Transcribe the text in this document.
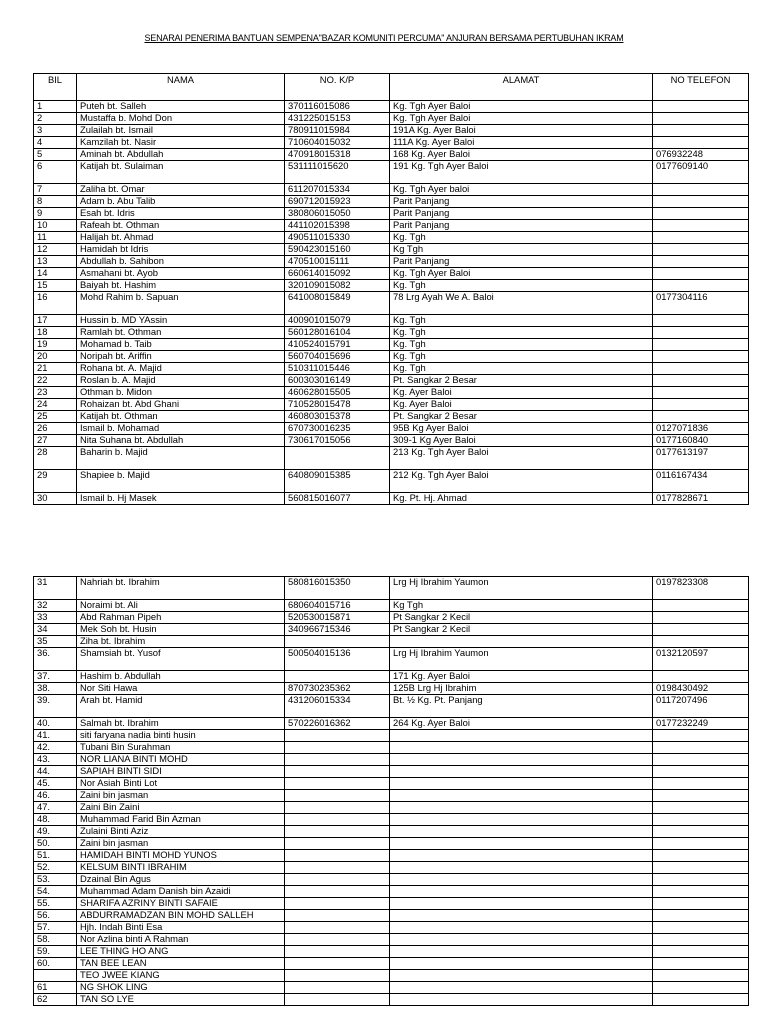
SENARAI PENERIMA BANTUAN SEMPENA"BAZAR KOMUNITI PERCUMA" ANJURAN BERSAMA PERTUBUHAN IKRAM
BIL	NAMA	NO. K/P	ALAMAT	NO TELEFON
1	Puteh bt. Salleh	370116015086	Kg. Tgh Ayer Baloi	
2	Mustaffa b. Mohd Don	431225015153	Kg. Tgh Ayer Baloi	
3	Zulailah bt. Ismail	780911015984	191A Kg. Ayer Baloi	
4	Kamzilah bt. Nasir	710604015032	111A Kg. Ayer Baloi	
5	Aminah bt. Abdullah	470918015318	168 Kg. Ayer Baloi	076932248
6	Katijah bt. Sulaiman	531111015620	191 Kg. Tgh Ayer Baloi	0177609140
7	Zaliha bt. Omar	611207015334	Kg. Tgh Ayer baloi	
8	Adam b. Abu Talib	690712015923	Parit Panjang	
9	Esah bt. Idris	380806015050	Parit Panjang	
10	Rafeah bt. Othman	441102015398	Parit Panjang	
11	Halijah bt. Ahmad	490511015330	Kg. Tgh	
12	Hamidah bt Idris	590423015160	Kg Tgh	
13	Abdullah b. Sahibon	470510015111	Parit Panjang	
14	Asmahani bt. Ayob	660614015092	Kg. Tgh Ayer Baloi	
15	Baiyah bt. Hashim	320109015082	Kg. Tgh	
16	Mohd Rahim b. Sapuan	641008015849	78 Lrg Ayah We A. Baloi	0177304116
17	Hussin b. MD YAssin	400901015079	Kg. Tgh	
18	Ramlah bt. Othman	560128016104	Kg. Tgh	
19	Mohamad b. Taib	410524015791	Kg. Tgh	
20	Noripah bt. Ariffin	560704015696	Kg. Tgh	
21	Rohana bt. A. Majid	510311015446	Kg. Tgh	
22	Roslan b. A. Majid	600303016149	Pt. Sangkar 2 Besar	
23	Othman b. Midon	460628015505	Kg. Ayer Baloi	
24	Rohaizan bt. Abd Ghani	710528015478	Kg. Ayer Baloi	
25	Katijah bt. Othman	460803015378	Pt. Sangkar 2 Besar	
26	Ismail b. Mohamad	670730016235	95B Kg Ayer Baloi	0127071836
27	Nita Suhana bt. Abdullah	730617015056	309-1 Kg Ayer Baloi	0177160840
28	Baharin b. Majid		213 Kg. Tgh Ayer Baloi	0177613197
29	Shapiee b. Majid	640809015385	212 Kg. Tgh Ayer Baloi	0116167434
30	Ismail b. Hj Masek	560815016077	Kg. Pt. Hj. Ahmad	0177828671
31	Nahriah bt. Ibrahim	580816015350	Lrg Hj Ibrahim Yaumon	0197823308
32	Noraimi bt. Ali	680604015716	Kg Tgh	
33	Abd Rahman Pipeh	520530015871	Pt Sangkar 2 Kecil	
34	Mek Soh bt. Husin	340966715346	Pt Sangkar 2 Kecil	
35	Ziha bt. Ibrahim			
36.	Shamsiah bt. Yusof	500504015136	Lrg Hj Ibrahim Yaumon	0132120597
37.	Hashim b. Abdullah		171 Kg. Ayer Baloi	
38.	Nor Siti Hawa	870730235362	125B Lrg Hj Ibrahim	0198430492
39.	Arah bt. Hamid	431206015334	Bt. ½ Kg. Pt. Panjang	0117207496
40.	Salmah bt. Ibrahim	570226016362	264 Kg. Ayer Baloi	0177232249
41.	siti faryana nadia binti husin			
42.	Tubani Bin Surahman			
43.	NOR LIANA BINTI MOHD			
44.	SAPIAH BINTI SIDI			
45.	Nor Asiah Binti Lot			
46.	Zaini bin jasman			
47.	Zaini Bin Zaini			
48.	Muhammad Farid Bin Azman			
49.	Zulaini Binti Aziz			
50.	Zaini bin jasman			
51.	HAMIDAH BINTI MOHD YUNOS			
52.	KELSUM BINTI IBRAHIM			
53.	Dzainal Bin Agus			
54.	Muhammad Adam Danish bin Azaidi			
55.	SHARIFA AZRINY BINTI SAFAIE			
56.	ABDURRAMADZAN BIN MOHD SALLEH			
57.	Hjh. Indah Binti Esa			
58.	Nor Azlina binti A Rahman			
59.	LEE THING HO ANG			
60.	TAN BEE LEAN			
	TEO JWEE KIANG			
61	NG SHOK LING			
62	TAN SO LYE			
